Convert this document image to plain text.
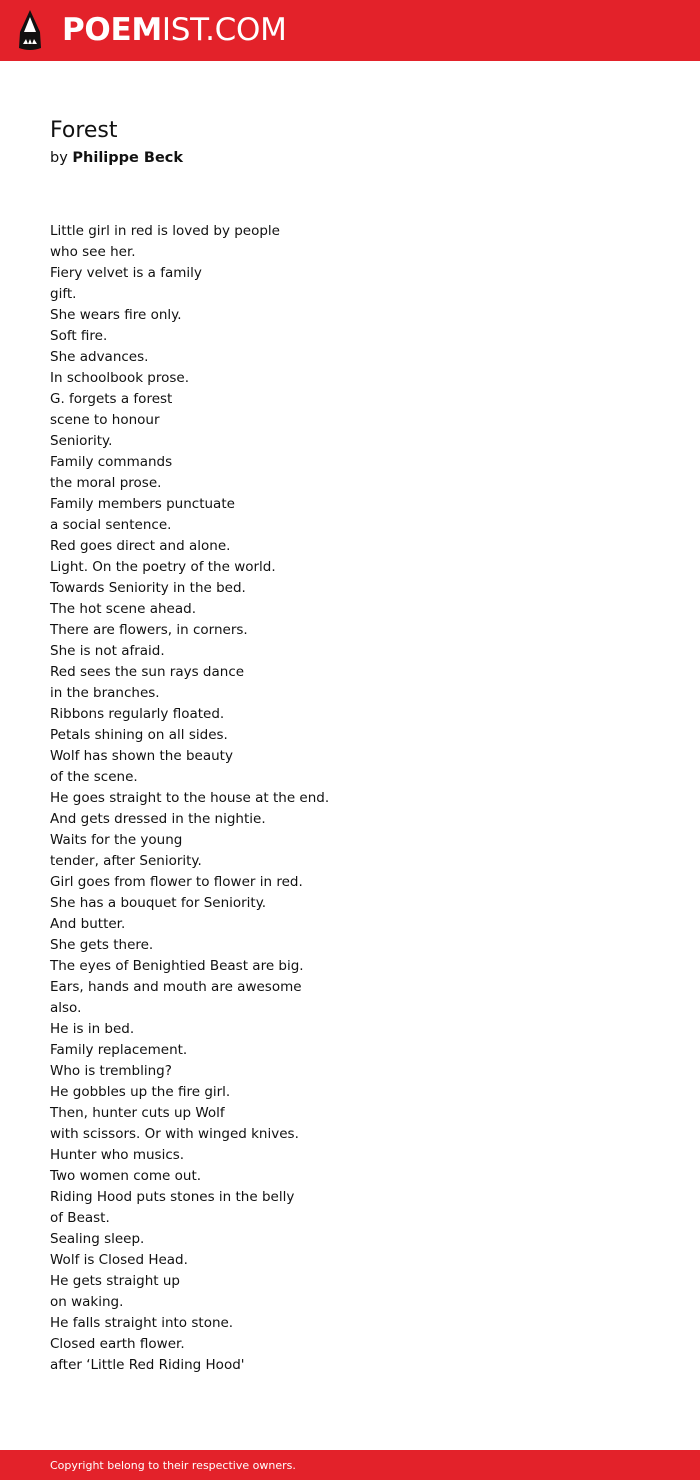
POEMIST.COM
Forest
by Philippe Beck
Little girl in red is loved by people
who see her.
Fiery velvet is a family
gift.
She wears fire only.
Soft fire.
She advances.
In schoolbook prose.
G. forgets a forest
scene to honour
Seniority.
Family commands
the moral prose.
Family members punctuate
a social sentence.
Red goes direct and alone.
Light. On the poetry of the world.
Towards Seniority in the bed.
The hot scene ahead.
There are flowers, in corners.
She is not afraid.
Red sees the sun rays dance
in the branches.
Ribbons regularly floated.
Petals shining on all sides.
Wolf has shown the beauty
of the scene.
He goes straight to the house at the end.
And gets dressed in the nightie.
Waits for the young
tender, after Seniority.
Girl goes from flower to flower in red.
She has a bouquet for Seniority.
And butter.
She gets there.
The eyes of Benightied Beast are big.
Ears, hands and mouth are awesome
also.
He is in bed.
Family replacement.
Who is trembling?
He gobbles up the fire girl.
Then, hunter cuts up Wolf
with scissors. Or with winged knives.
Hunter who musics.
Two women come out.
Riding Hood puts stones in the belly
of Beast.
Sealing sleep.
Wolf is Closed Head.
He gets straight up
on waking.
He falls straight into stone.
Closed earth flower.
after ‘Little Red Riding Hood'
Copyright belong to their respective owners.
